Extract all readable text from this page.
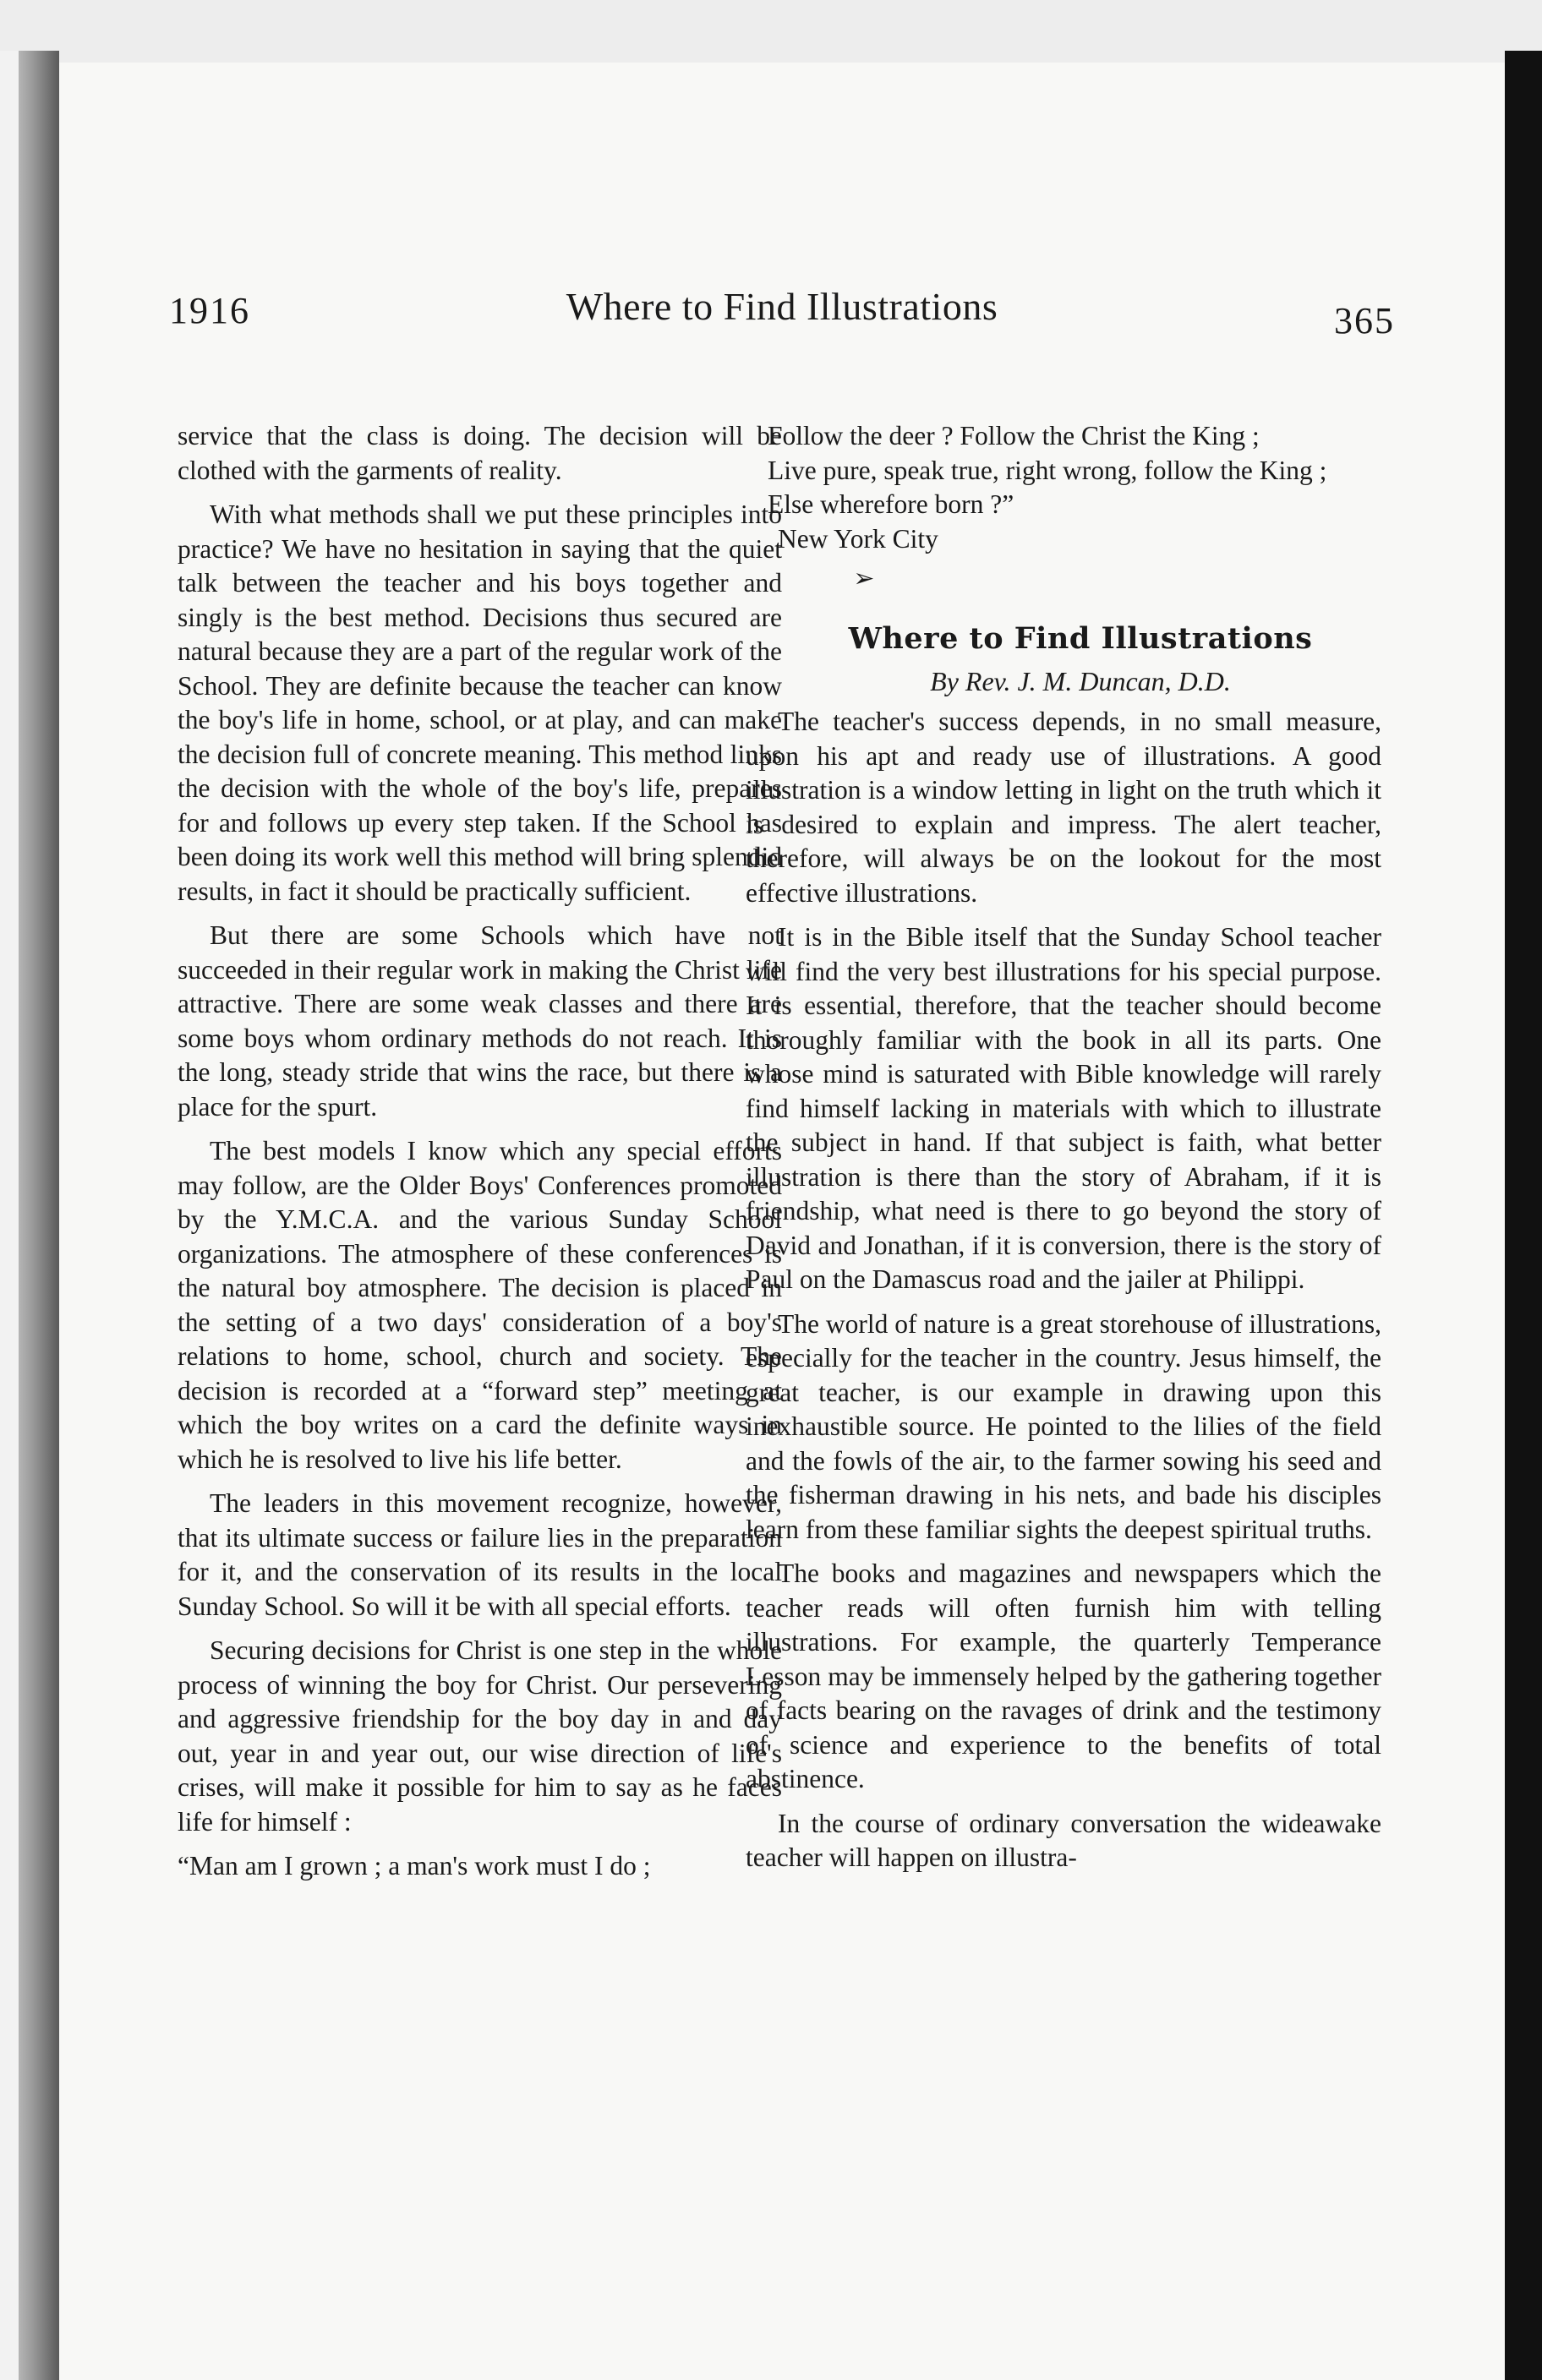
1916	Where to Find Illustrations	365

service that the class is doing. The decision will be clothed with the garments of reality.

With what methods shall we put these principles into practice? We have no hesitation in saying that the quiet talk between the teacher and his boys together and singly is the best method. Decisions thus secured are natural because they are a part of the regular work of the School. They are definite because the teacher can know the boy's life in home, school, or at play, and can make the decision full of concrete meaning. This method links the decision with the whole of the boy's life, prepares for and follows up every step taken. If the School has been doing its work well this method will bring splendid results, in fact it should be practically sufficient.

But there are some Schools which have not succeeded in their regular work in making the Christ life attractive. There are some weak classes and there are some boys whom ordinary methods do not reach. It is the long, steady stride that wins the race, but there is a place for the spurt.

The best models I know which any special efforts may follow, are the Older Boys' Conferences promoted by the Y.M.C.A. and the various Sunday School organizations. The atmosphere of these conferences is the natural boy atmosphere. The decision is placed in the setting of a two days' consideration of a boy's relations to home, school, church and society. The decision is recorded at a “forward step” meeting at which the boy writes on a card the definite ways in which he is resolved to live his life better.

The leaders in this movement recognize, however, that its ultimate success or failure lies in the preparation for it, and the conservation of its results in the local Sunday School. So will it be with all special efforts.

Securing decisions for Christ is one step in the whole process of winning the boy for Christ. Our persevering and aggressive friendship for the boy day in and day out, year in and year out, our wise direction of life's crises, will make it possible for him to say as he faces life for himself :

“Man am I grown ; a man's work must I do ;

Follow the deer ? Follow the Christ the King ;

Live pure, speak true, right wrong, follow the King ;

Else wherefore born ?”

New York City

➢
Where to Find Illustrations
By Rev. J. M. Duncan, D.D.

The teacher's success depends, in no small measure, upon his apt and ready use of illustrations. A good illustration is a window letting in light on the truth which it is desired to explain and impress. The alert teacher, therefore, will always be on the lookout for the most effective illustrations.

It is in the Bible itself that the Sunday School teacher will find the very best illustrations for his special purpose. It is essential, therefore, that the teacher should become thoroughly familiar with the book in all its parts. One whose mind is saturated with Bible knowledge will rarely find himself lacking in materials with which to illustrate the subject in hand. If that subject is faith, what better illustration is there than the story of Abraham, if it is friendship, what need is there to go beyond the story of David and Jonathan, if it is conversion, there is the story of Paul on the Damascus road and the jailer at Philippi.

The world of nature is a great storehouse of illustrations, especially for the teacher in the country. Jesus himself, the great teacher, is our example in drawing upon this inexhaustible source. He pointed to the lilies of the field and the fowls of the air, to the farmer sowing his seed and the fisherman drawing in his nets, and bade his disciples learn from these familiar sights the deepest spiritual truths.

The books and magazines and newspapers which the teacher reads will often furnish him with telling illustrations. For example, the quarterly Temperance Lesson may be immensely helped by the gathering together of facts bearing on the ravages of drink and the testimony of science and experience to the benefits of total abstinence.

In the course of ordinary conversation the wideawake teacher will happen on illustra-
